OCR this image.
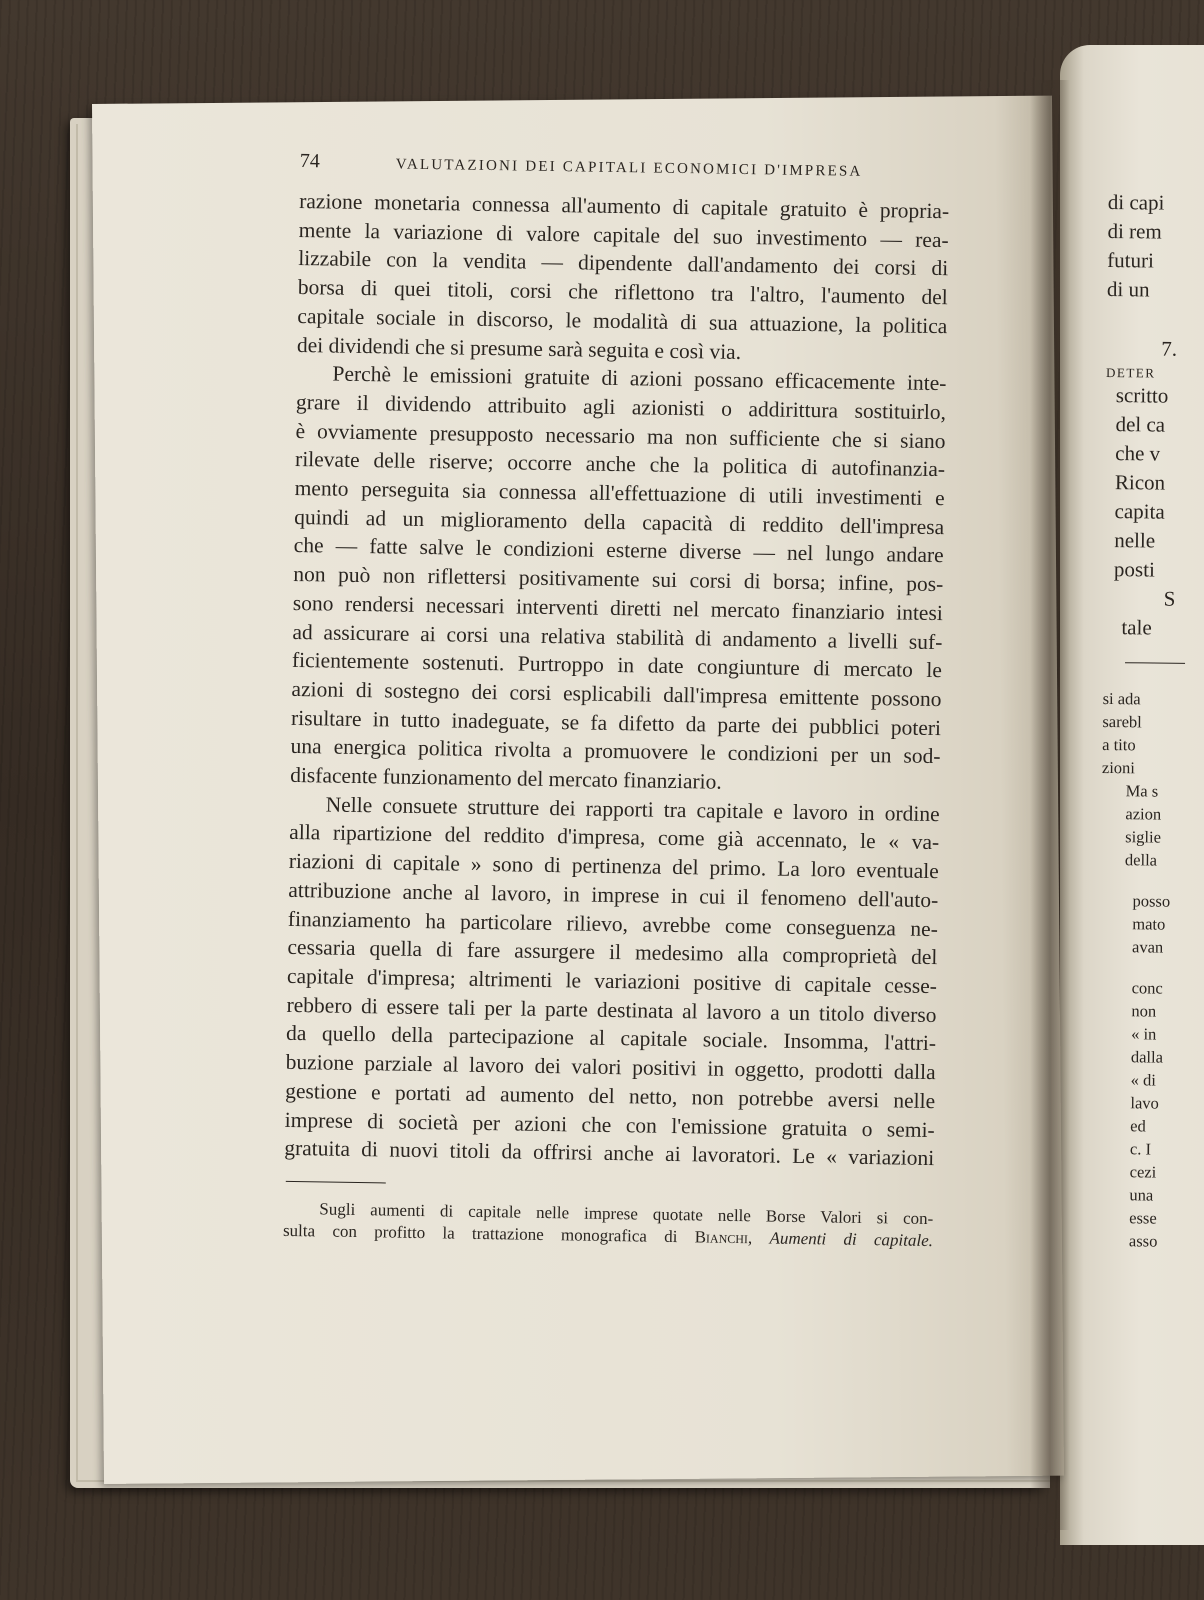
74	VALUTAZIONI DEI CAPITALI ECONOMICI D'IMPRESA
razione monetaria connessa all'aumento di capitale gratuito è propria-
mente la variazione di valore capitale del suo investimento — rea-
lizzabile con la vendita — dipendente dall'andamento dei corsi di
borsa di quei titoli, corsi che riflettono tra l'altro, l'aumento del
capitale sociale in discorso, le modalità di sua attuazione, la politica
dei dividendi che si presume sarà seguita e così via.
Perchè le emissioni gratuite di azioni possano efficacemente inte-
grare il dividendo attribuito agli azionisti o addirittura sostituirlo,
è ovviamente presupposto necessario ma non sufficiente che si siano
rilevate delle riserve; occorre anche che la politica di autofinanzia-
mento perseguita sia connessa all'effettuazione di utili investimenti e
quindi ad un miglioramento della capacità di reddito dell'impresa
che — fatte salve le condizioni esterne diverse — nel lungo andare
non può non riflettersi positivamente sui corsi di borsa; infine, pos-
sono rendersi necessari interventi diretti nel mercato finanziario intesi
ad assicurare ai corsi una relativa stabilità di andamento a livelli suf-
ficientemente sostenuti. Purtroppo in date congiunture di mercato le
azioni di sostegno dei corsi esplicabili dall'impresa emittente possono
risultare in tutto inadeguate, se fa difetto da parte dei pubblici poteri
una energica politica rivolta a promuovere le condizioni per un sod-
disfacente funzionamento del mercato finanziario.
Nelle consuete strutture dei rapporti tra capitale e lavoro in ordine
alla ripartizione del reddito d'impresa, come già accennato, le « va-
riazioni di capitale » sono di pertinenza del primo. La loro eventuale
attribuzione anche al lavoro, in imprese in cui il fenomeno dell'auto-
finanziamento ha particolare rilievo, avrebbe come conseguenza ne-
cessaria quella di fare assurgere il medesimo alla comproprietà del
capitale d'impresa; altrimenti le variazioni positive di capitale cesse-
rebbero di essere tali per la parte destinata al lavoro a un titolo diverso
da quello della partecipazione al capitale sociale. Insomma, l'attri-
buzione parziale al lavoro dei valori positivi in oggetto, prodotti dalla
gestione e portati ad aumento del netto, non potrebbe aversi nelle
imprese di società per azioni che con l'emissione gratuita o semi-
gratuita di nuovi titoli da offrirsi anche ai lavoratori. Le « variazioni
Sugli aumenti di capitale nelle imprese quotate nelle Borse Valori si con-
sulta con profitto la trattazione monografica di Bianchi, Aumenti di capitale.
di capi
di rem
futuri
di un
7.
DETER
scritto
del ca
che v
Ricon
capita
nelle
posti
S
tale
si ada
sarebl
a tito
zioni
Ma s
azion
siglie
della
posso
mato
avan
conc
non
« in
dalla
« di
lavo
ed
c. I
cezi
una
esse
asso
